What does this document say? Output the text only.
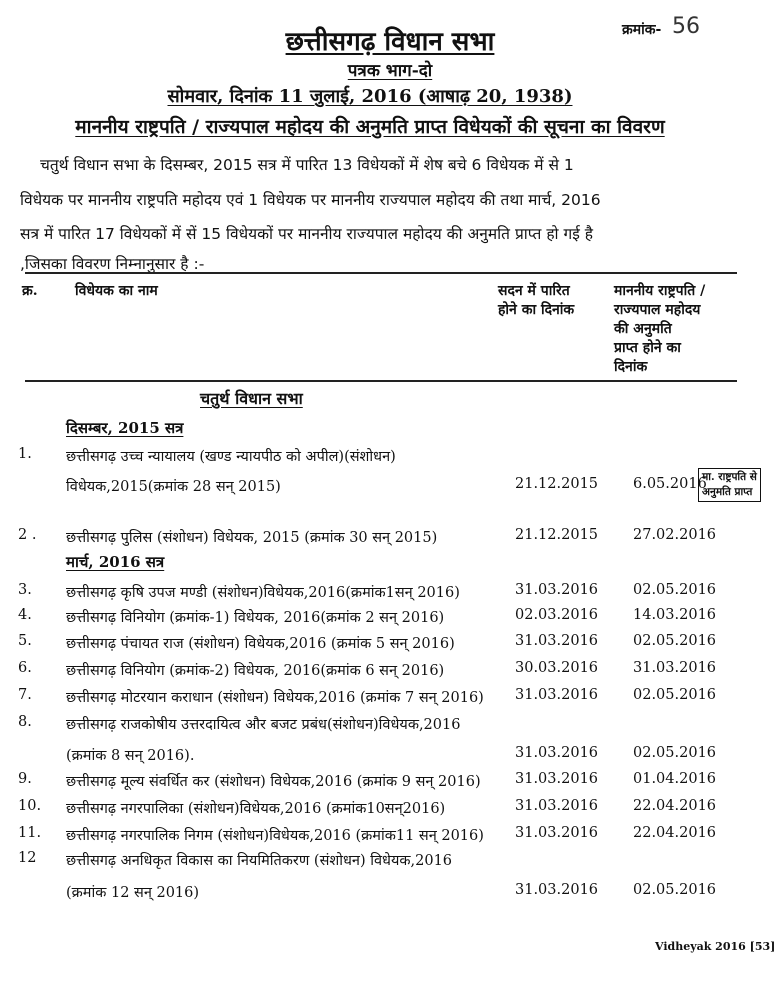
क्रमांक- 56
छत्तीसगढ़ विधान सभा
पत्रक भाग-दो
सोमवार, दिनांक 11 जुलाई, 2016 (आषाढ़ 20, 1938)
माननीय राष्ट्रपति / राज्यपाल महोदय की अनुमति प्राप्त विधेयकों की सूचना का विवरण
चतुर्थ विधान सभा के दिसम्बर, 2015 सत्र में पारित 13 विधेयकों में शेष बचे 6 विधेयक में से 1
विधेयक पर माननीय राष्ट्रपति महोदय एवं 1 विधेयक पर माननीय राज्यपाल महोदय की तथा मार्च, 2016
सत्र में पारित 17 विधेयकों में सें 15 विधेयकों पर माननीय राज्यपाल महोदय की अनुमति प्राप्त हो गई है
,जिसका विवरण निम्नानुसार है :-
क्र.	विधेयक का नाम	सदन में पारित
होने का दिनांक
माननीय राष्ट्रपति /
राज्यपाल महोदय
की अनुमति
प्राप्त होने का
दिनांक
चतुर्थ विधान सभा
दिसम्बर, 2015 सत्र
मार्च, 2016 सत्र
1. छत्तीसगढ़ उच्च न्यायालय (खण्ड न्यायपीठ को अपील)(संशोधन)
विधेयक,2015(क्रमांक 28 सन् 2015)	21.12.2015 6.05.2016
2 . छत्तीसगढ़ पुलिस (संशोधन) विधेयक, 2015 (क्रमांक 30 सन् 2015)	21.12.2015 27.02.2016
3. छत्तीसगढ़ कृषि उपज मण्डी (संशोधन)विधेयक,2016(क्रमांक1सन् 2016)	31.03.2016 02.05.2016
4. छत्तीसगढ़ विनियोग (क्रमांक-1) विधेयक, 2016(क्रमांक 2 सन् 2016)	02.03.2016 14.03.2016
5. छत्तीसगढ़ पंचायत राज (संशोधन) विधेयक,2016 (क्रमांक 5 सन् 2016)	31.03.2016 02.05.2016
6. छत्तीसगढ़ विनियोग (क्रमांक-2) विधेयक, 2016(क्रमांक 6 सन् 2016)	30.03.2016 31.03.2016
7. छत्तीसगढ़ मोटरयान कराधान (संशोधन) विधेयक,2016 (क्रमांक 7 सन् 2016) 31.03.2016 02.05.2016
8. छत्तीसगढ़ राजकोषीय उत्तरदायित्व और बजट प्रबंध(संशोधन)विधेयक,2016
(क्रमांक 8 सन् 2016).	31.03.2016 02.05.2016
9. छत्तीसगढ़ मूल्य संवर्धित कर (संशोधन) विधेयक,2016 (क्रमांक 9 सन् 2016) 31.03.2016 01.04.2016
10. छत्तीसगढ़ नगरपालिका (संशोधन)विधेयक,2016 (क्रमांक10सन्2016)	31.03.2016 22.04.2016
11. छत्तीसगढ़ नगरपालिक निगम (संशोधन)विधेयक,2016 (क्रमांक11 सन् 2016) 31.03.2016 22.04.2016
12 छत्तीसगढ़ अनधिकृत विकास का नियमितिकरण (संशोधन) विधेयक,2016
(क्रमांक 12 सन् 2016)	31.03.2016 02.05.2016
मा. राष्ट्रपति से
अनुमति प्राप्त
Vidheyak 2016 [53]
